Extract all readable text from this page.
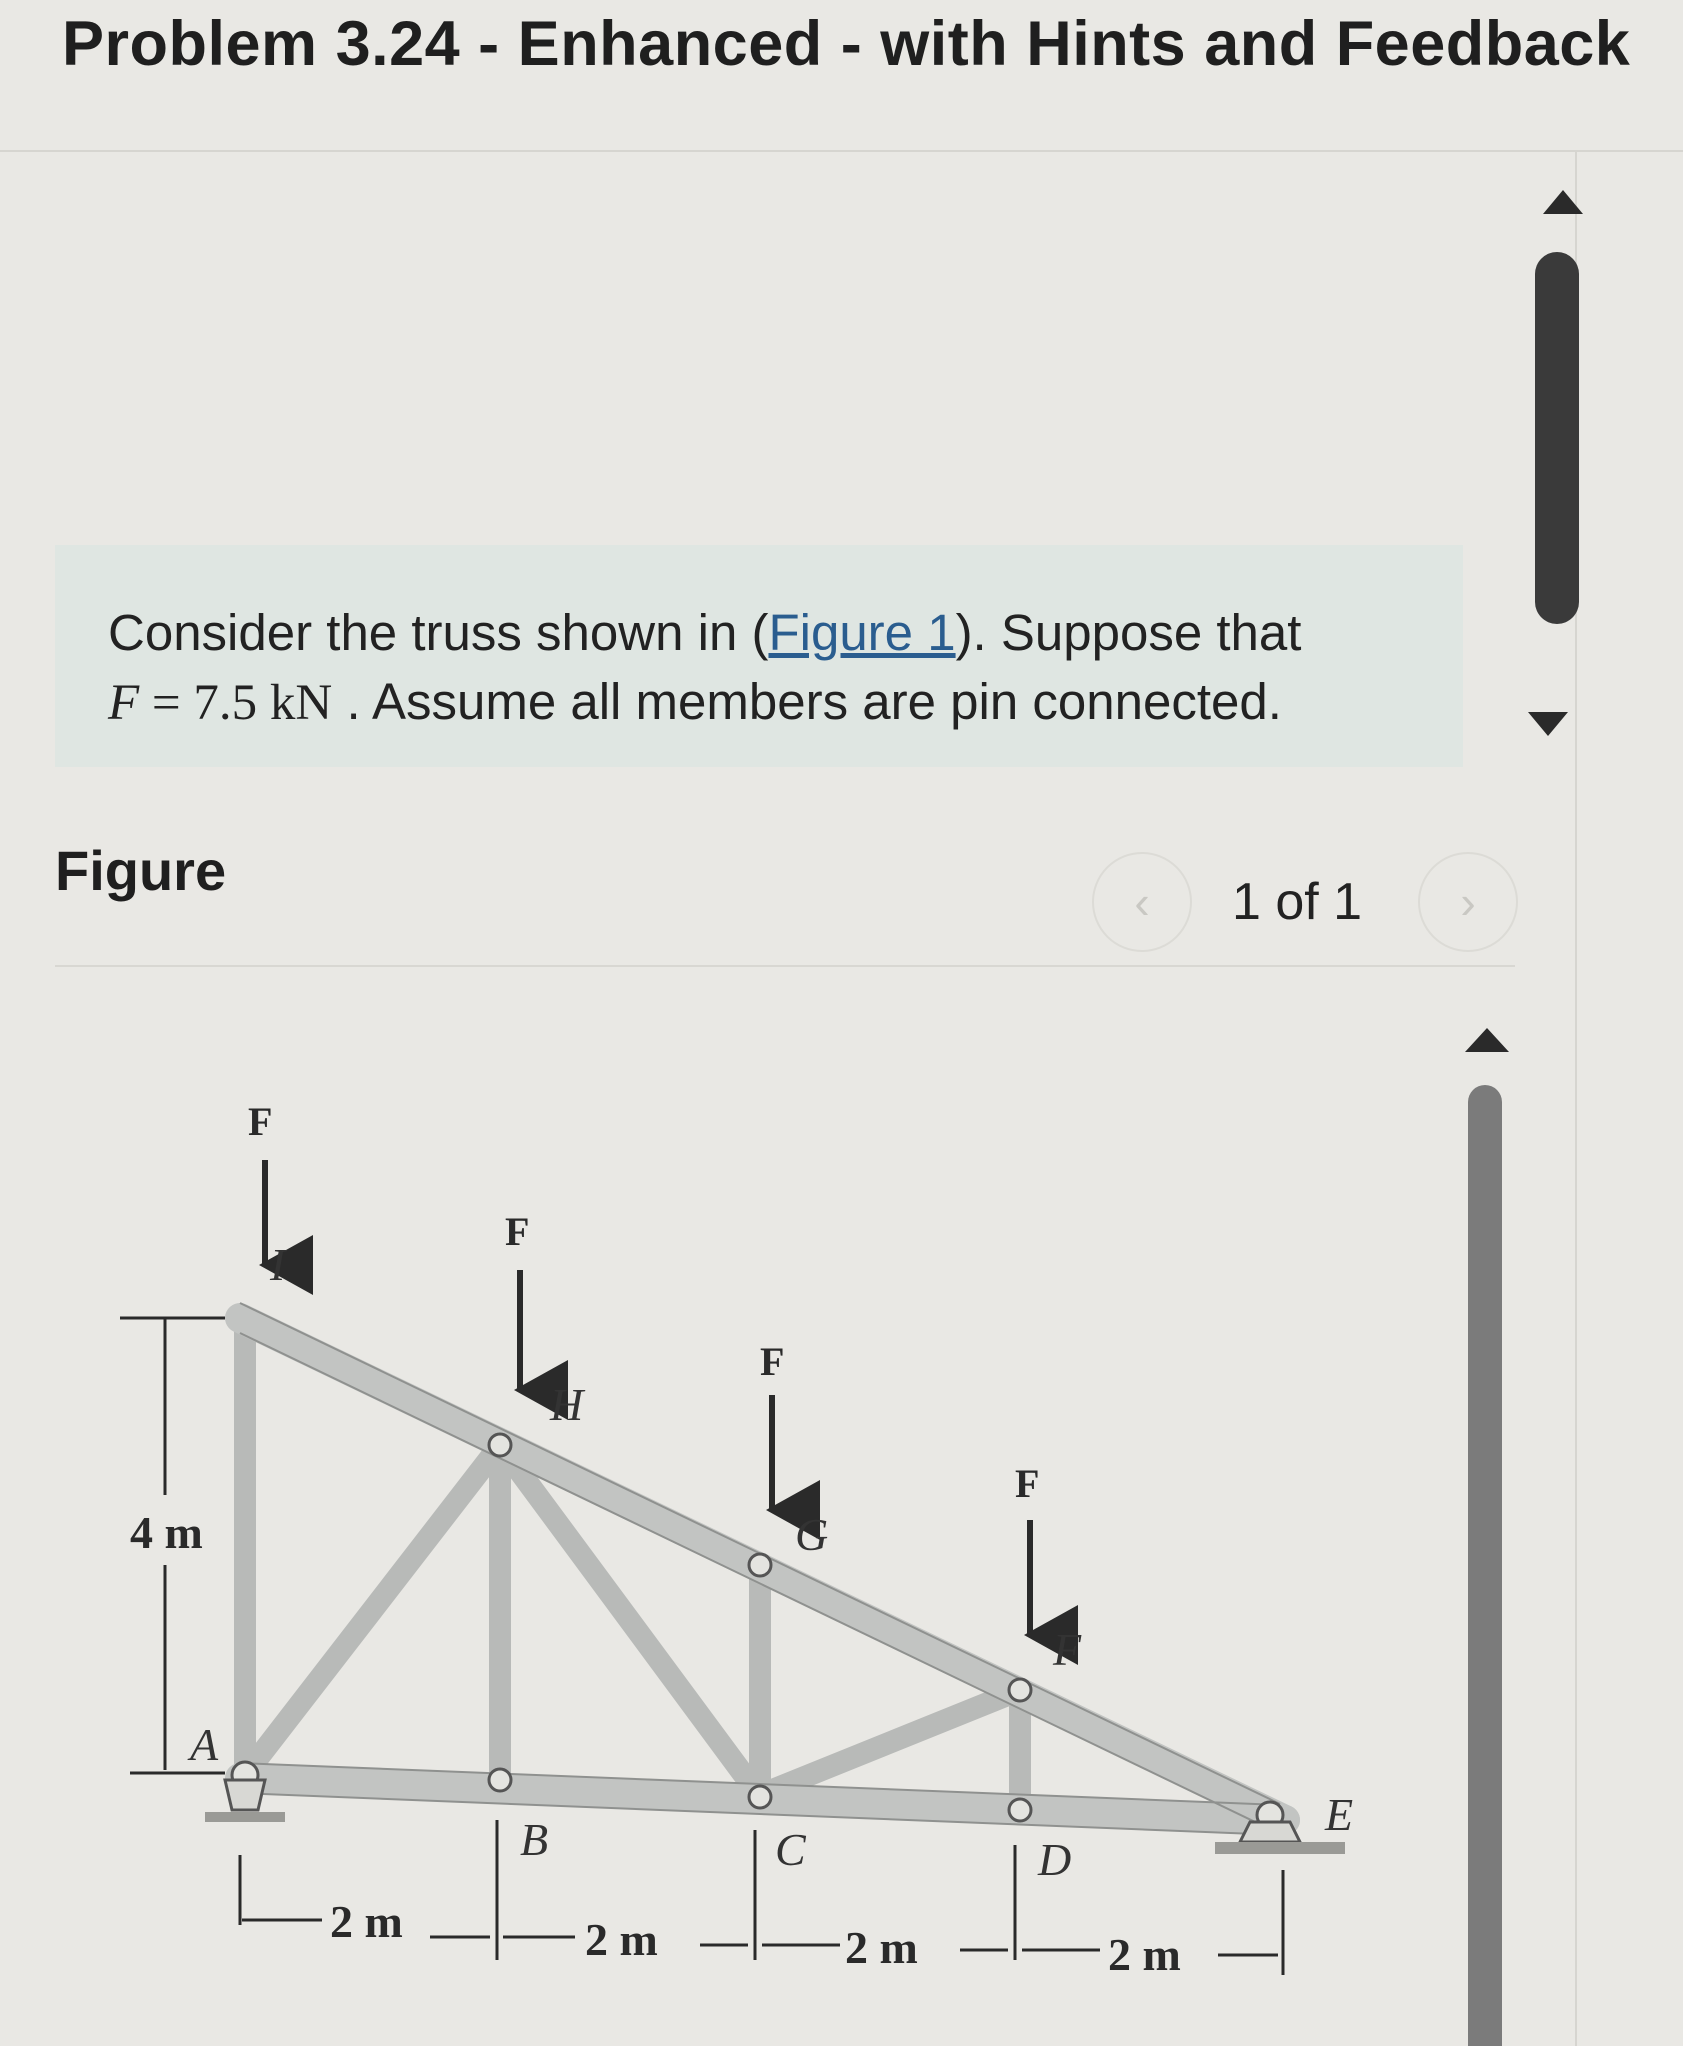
Problem 3.24 - Enhanced - with Hints and Feedback
Consider the truss shown in (Figure 1). Suppose that
F = 7.5 kN . Assume all members are pin connected.
Figure	‹ 1 of 1 ›
F
F
F
F
I
H
G
F
A
B	C	D
E
4 m
2 m	2 m	2 m	2 m
